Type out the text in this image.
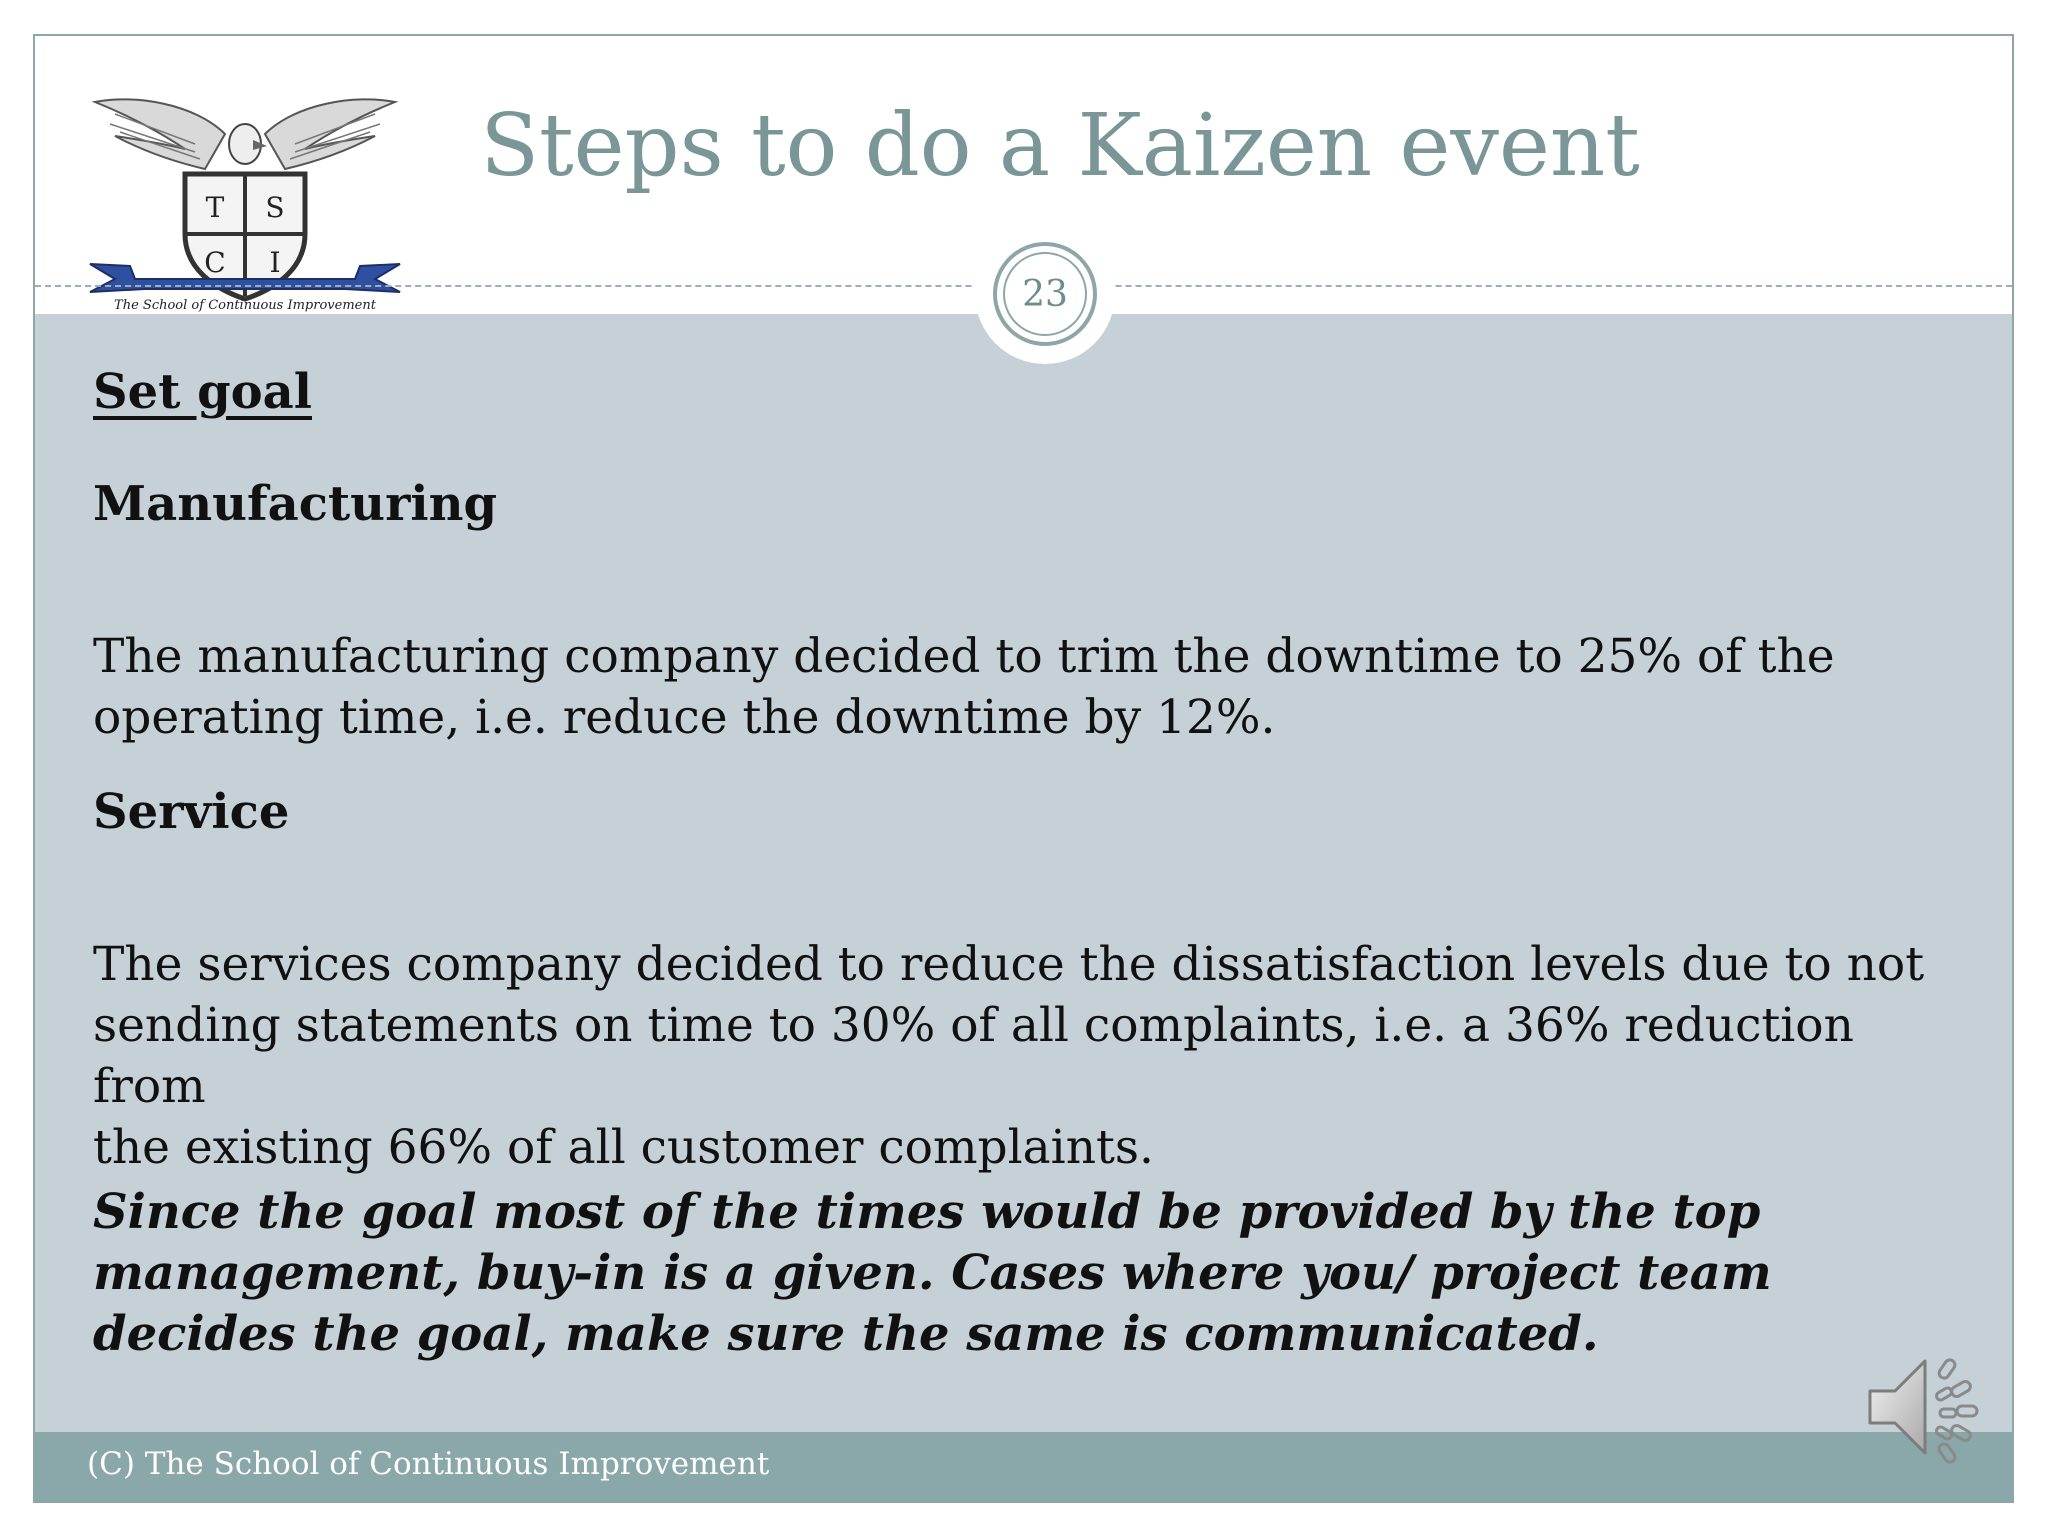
T S
C I
The School of Continuous Improvement
Steps to do a Kaizen event
23
Set goal
Manufacturing
The manufacturing company decided to trim the downtime to 25% of the
operating time, i.e. reduce the downtime by 12%.
Service
The services company decided to reduce the dissatisfaction levels due to not
sending statements on time to 30% of all complaints, i.e. a 36% reduction from
the existing 66% of all customer complaints.
Since the goal most of the times would be provided by the top
management, buy-in is a given. Cases where you/ project team
decides the goal, make sure the same is communicated.
(C) The School of Continuous Improvement
